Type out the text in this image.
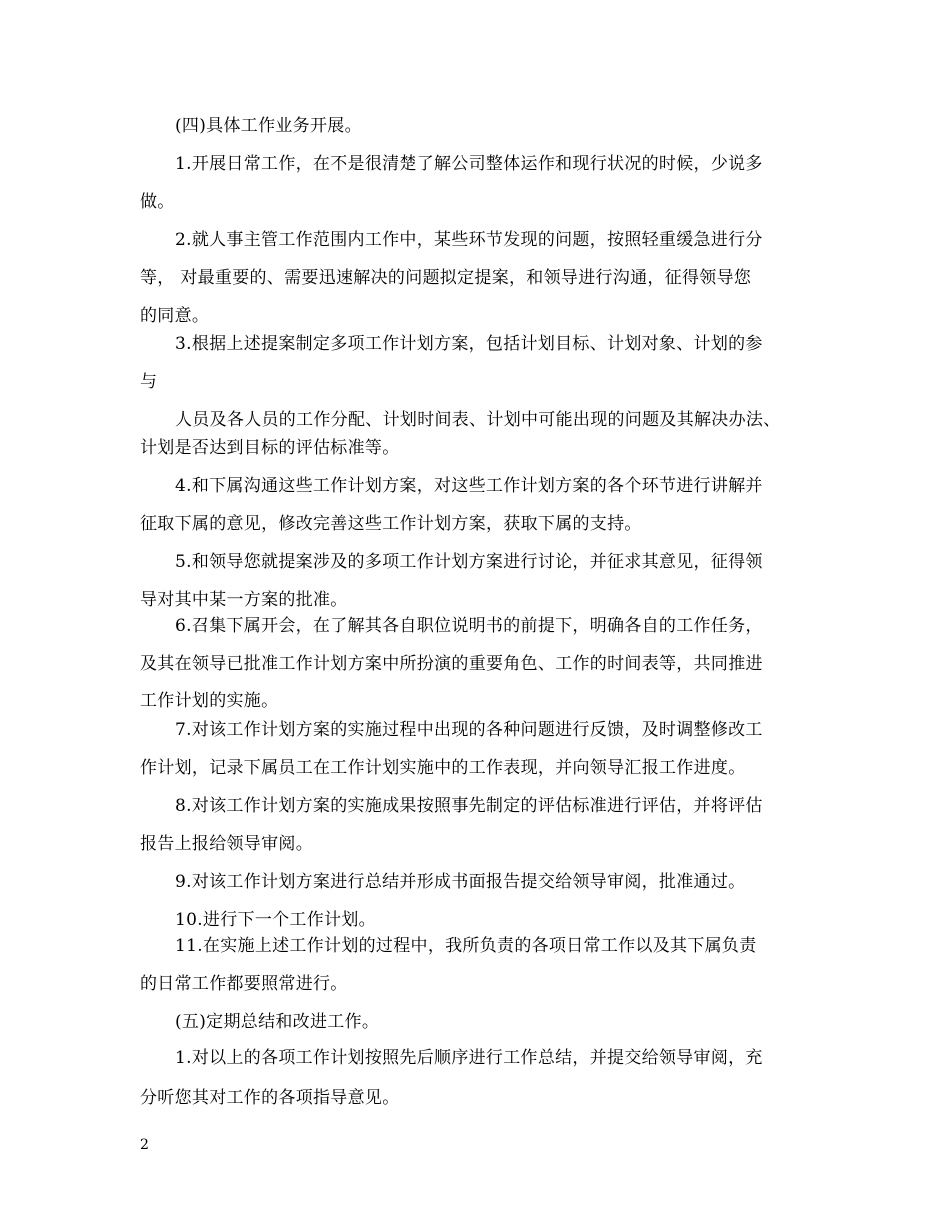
(四)具体工作业务开展。
1.开展日常工作，在不是很清楚了解公司整体运作和现行状况的时候，少说多
做。
2.就人事主管工作范围内工作中，某些环节发现的问题，按照轻重缓急进行分
等， 对最重要的、需要迅速解决的问题拟定提案，和领导进行沟通，征得领导您
的同意。
3.根据上述提案制定多项工作计划方案，包括计划目标、计划对象、计划的参
与
人员及各人员的工作分配、计划时间表、计划中可能出现的问题及其解决办法、
计划是否达到目标的评估标准等。
4.和下属沟通这些工作计划方案，对这些工作计划方案的各个环节进行讲解并
征取下属的意见，修改完善这些工作计划方案，获取下属的支持。
5.和领导您就提案涉及的多项工作计划方案进行讨论，并征求其意见，征得领
导对其中某一方案的批准。
6.召集下属开会，在了解其各自职位说明书的前提下，明确各自的工作任务，
及其在领导已批准工作计划方案中所扮演的重要角色、工作的时间表等，共同推进
工作计划的实施。
7.对该工作计划方案的实施过程中出现的各种问题进行反馈，及时调整修改工
作计划，记录下属员工在工作计划实施中的工作表现，并向领导汇报工作进度。
8.对该工作计划方案的实施成果按照事先制定的评估标准进行评估，并将评估
报告上报给领导审阅。
9.对该工作计划方案进行总结并形成书面报告提交给领导审阅，批准通过。
10.进行下一个工作计划。
11.在实施上述工作计划的过程中，我所负责的各项日常工作以及其下属负责
的日常工作都要照常进行。
(五)定期总结和改进工作。
1.对以上的各项工作计划按照先后顺序进行工作总结，并提交给领导审阅，充
分听您其对工作的各项指导意见。
2
